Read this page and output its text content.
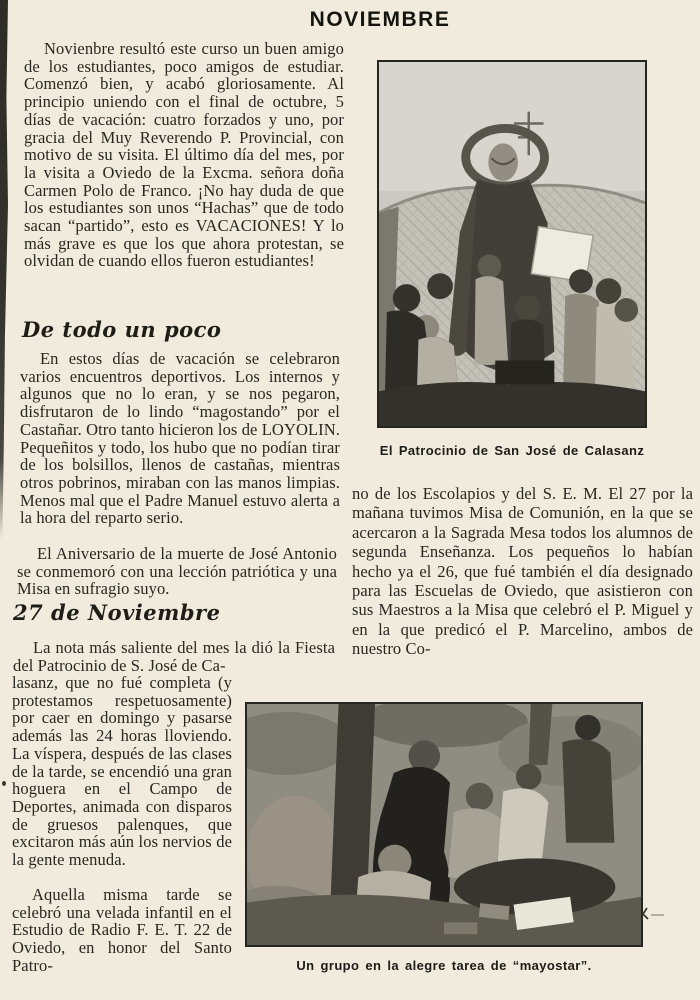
NOVIEMBRE

Novienbre resultó este curso un buen amigo de los estudiantes, poco amigos de estudiar. Comenzó bien, y acabó gloriosamente. Al principio uniendo con el final de octubre, 5 días de vacación: cuatro forzados y uno, por gracia del Muy Reverendo P. Provincial, con motivo de su visita. El último día del mes, por la visita a Oviedo de la Excma. señora doña Carmen Polo de Franco. ¡No hay duda de que los estudiantes son unos “Hachas” que de todo sacan “partido”, esto es VACACIONES! Y lo más grave es que los que ahora protestan, se olvidan de cuando ellos fueron estudiantes!

De todo un poco

En estos días de vacación se celebraron varios encuentros deportivos. Los internos y algunos que no lo eran, y se nos pegaron, disfrutaron de lo lindo “magostando” por el Castañar. Otro tanto hicieron los de LOYOLIN. Pequeñitos y todo, los hubo que no podían tirar de los bolsillos, llenos de castañas, mientras otros pobrinos, miraban con las manos limpias. Menos mal que el Padre Manuel estuvo alerta a la hora del reparto serio.

El Aniversario de la muerte de José Antonio se conmemoró con una lección patriótica y una Misa en sufragio suyo.

27 de Noviembre

La nota más saliente del mes la dió la Fiesta del Patrocinio de S. José de Ca-

lasanz, que no fué completa (y protestamos respetuosamente) por caer en domingo y pasarse además las 24 horas lloviendo. La víspera, después de las clases de la tarde, se encendió una gran hoguera en el Campo de Deportes, animada con disparos de gruesos palenques, que excitaron más aún los nervios de la gente menuda.

Aquella misma tarde se celebró una velada infantil en el Estudio de Radio F. E. T. 22 de Oviedo, en honor del Santo Patro-

El Patrocinio de San José de Calasanz

no de los Escolapios y del S. E. M. El 27 por la mañana tuvimos Misa de Comunión, en la que se acercaron a la Sagrada Mesa todos los alumnos de segunda Enseñanza. Los pequeños lo habían hecho ya el 26, que fué también el día designado para las Escuelas de Oviedo, que asistieron con sus Maestros a la Misa que celebró el P. Miguel y en la que predicó el P. Marcelino, ambos de nuestro Co-

Un grupo en la alegre tarea de “mayostar”.
